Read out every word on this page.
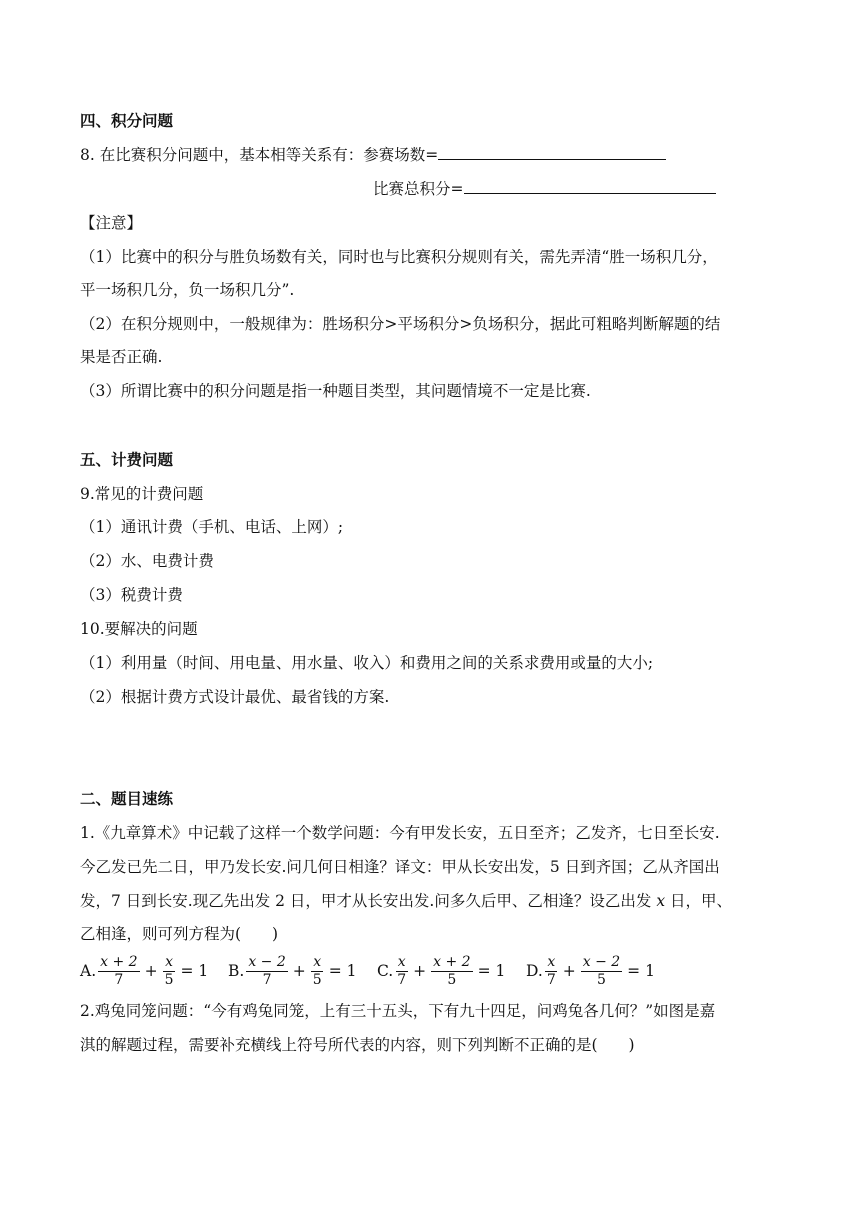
四、积分问题
8. 在比赛积分问题中，基本相等关系有：参赛场数=
比赛总积分=
【注意】
（1）比赛中的积分与胜负场数有关，同时也与比赛积分规则有关，需先弄清“胜一场积几分，
平一场积几分，负一场积几分”.
（2）在积分规则中，一般规律为：胜场积分>平场积分>负场积分，据此可粗略判断解题的结
果是否正确.
（3）所谓比赛中的积分问题是指一种题目类型，其问题情境不一定是比赛.
五、计费问题
9.常见的计费问题
（1）通讯计费（手机、电话、上网）;
（2）水、电费计费
（3）税费计费
10.要解决的问题
（1）利用量（时间、用电量、用水量、收入）和费用之间的关系求费用或量的大小;
（2）根据计费方式设计最优、最省钱的方案.
二、题目速练
1.《九章算术》中记载了这样一个数学问题：今有甲发长安，五日至齐；乙发齐，七日至长安.
今乙发已先二日，甲乃发长安.问几何日相逢？译文：甲从长安出发，5 日到齐国；乙从齐国出
发，7 日到长安.现乙先出发 2 日，甲才从长安出发.问多久后甲、乙相逢？设乙出发 x 日，甲、
乙相逢，则可列方程为(　　)
A. $\frac{x + 2}{7} + \frac{x}{5} = 1$ B. $\frac{x - 2}{7} + \frac{x}{5} = 1$ C. $\frac{x}{7} + \frac{x + 2}{5} = 1$ D. $\frac{x}{7} + \frac{x - 2}{5} = 1$
2.鸡兔同笼问题：“今有鸡兔同笼，上有三十五头，下有九十四足，问鸡兔各几何？”如图是嘉
淇的解题过程，需要补充横线上符号所代表的内容，则下列判断不正确的是(　　)
